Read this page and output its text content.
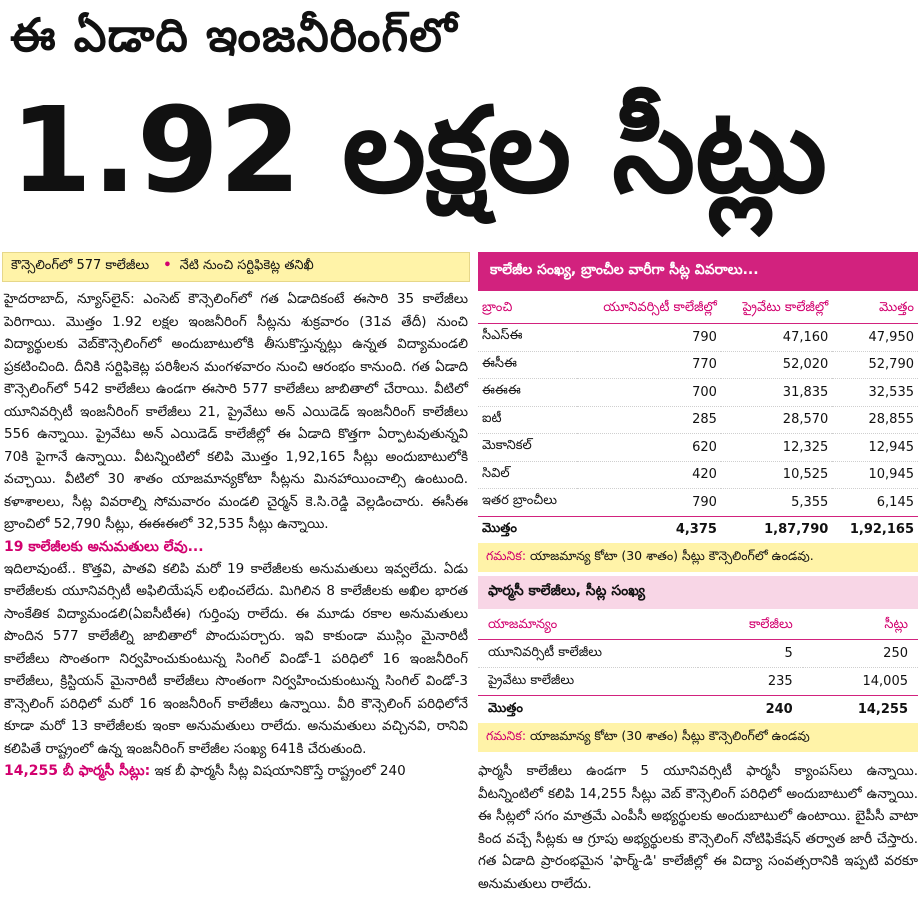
ఈ ఏడాది ఇంజనీరింగ్‌లో
1.92 లక్షల సీట్లు
కౌన్సెలింగ్‌లో 577 కాలేజీలు • నేటి నుంచి సర్టిఫికెట్ల తనిఖీ

హైదరాబాద్, న్యూస్‌లైన్: ఎంసెట్ కౌన్సెలింగ్‌లో గత ఏడాదికంటే ఈసారి 35 కాలేజీలు పెరిగాయి. మొత్తం 1.92 లక్షల ఇంజనీరింగ్ సీట్లను శుక్రవారం (31వ తేదీ) నుంచి విద్యార్థులకు వెబ్‌కౌన్సెలింగ్‌లో అందుబాటులోకి తీసుకొస్తున్నట్లు ఉన్నత విద్యామండలి ప్రకటించింది. దీనికి సర్టిఫికెట్ల పరిశీలన మంగళవారం నుంచి ఆరంభం కానుంది. గత ఏడాది కౌన్సెలింగ్‌లో 542 కాలేజీలు ఉండగా ఈసారి 577 కాలేజీలు జాబితాలో చేరాయి. వీటిలో యూనివర్సిటీ ఇంజనీరింగ్ కాలేజీలు 21, ప్రైవేటు అన్ ఎయిడెడ్ ఇంజనీరింగ్ కాలేజీలు 556 ఉన్నాయి. ప్రైవేటు అన్ ఎయిడెడ్ కాలేజీల్లో ఈ ఏడాది కొత్తగా ఏర్పాటవుతున్నవి 70కి పైగానే ఉన్నాయి. వీటన్నింటిలో కలిపి మొత్తం 1,92,165 సీట్లు అందుబాటులోకి వచ్చాయి. వీటిలో 30 శాతం యాజమాన్యకోటా సీట్లను మినహాయించాల్సి ఉంటుంది. కళాశాలలు, సీట్ల వివరాల్ని సోమవారం మండలి చైర్మన్ కె.సి.రెడ్డి వెల్లడించారు. ఈసీఈ బ్రాంచిలో 52,790 సీట్లు, ఈఈఈలో 32,535 సీట్లు ఉన్నాయి.

19 కాలేజీలకు అనుమతులు లేవు...

ఇదిలావుంటే.. కొత్తవి, పాతవి కలిపి మరో 19 కాలేజీలకు అనుమతులు ఇవ్వలేదు. ఏడు కాలేజీలకు యూనివర్సిటీ అఫిలియేషన్ లభించలేదు. మిగిలిన 8 కాలేజీలకు అఖిల భారత సాంకేతిక విద్యామండలి(ఏఐసీటీఈ) గుర్తింపు రాలేదు. ఈ మూడు రకాల అనుమతులు పొందిన 577 కాలేజీల్ని జాబితాలో పొందుపర్చారు. ఇవి కాకుండా ముస్లిం మైనారిటీ కాలేజీలు సొంతంగా నిర్వహించుకుంటున్న సింగిల్ విండో-1 పరిధిలో 16 ఇంజనీరింగ్ కాలేజీలు, క్రిస్టియన్ మైనారిటీ కాలేజీలు సొంతంగా నిర్వహించుకుంటున్న సింగిల్ విండో-3 కౌన్సెలింగ్ పరిధిలో మరో 16 ఇంజనీరింగ్ కాలేజీలు ఉన్నాయి. వీరి కౌన్సెలింగ్ పరిధిలోనే కూడా మరో 13 కాలేజీలకు ఇంకా అనుమతులు రాలేదు. అనుమతులు వచ్చినవి, రానివి కలిపితే రాష్ట్రంలో ఉన్న ఇంజనీరింగ్ కాలేజీల సంఖ్య 641కి చేరుతుంది.

14,255 బీ ఫార్మసీ సీట్లు: ఇక బీ ఫార్మసీ సీట్ల విషయానికొస్తే రాష్ట్రంలో 240

కాలేజీల సంఖ్య, బ్రాంచీల వారీగా సీట్ల వివరాలు...
బ్రాంచి	యూనివర్సిటీ కాలేజీల్లో	ప్రైవేటు కాలేజీల్లో	మొత్తం
సీఎస్ఈ	790	47,160	47,950
ఈసీఈ	770	52,020	52,790
ఈఈఈ	700	31,835	32,535
ఐటీ	285	28,570	28,855
మెకానికల్	620	12,325	12,945
సివిల్	420	10,525	10,945
ఇతర బ్రాంచీలు	790	5,355	6,145
మొత్తం	4,375	1,87,790	1,92,165
గమనిక: యాజమాన్య కోటా (30 శాతం) సీట్లు కౌన్సెలింగ్‌లో ఉండవు.
ఫార్మసీ కాలేజీలు, సీట్ల సంఖ్య
యాజమాన్యం	కాలేజీలు	సీట్లు
యూనివర్సిటీ కాలేజీలు	5	250
ప్రైవేటు కాలేజీలు	235	14,005
మొత్తం	240	14,255
గమనిక: యాజమాన్య కోటా (30 శాతం) సీట్లు కౌన్సెలింగ్‌లో ఉండవు

ఫార్మసీ కాలేజీలు ఉండగా 5 యూనివర్సిటీ ఫార్మసీ క్యాంపస్‌లు ఉన్నాయి. వీటన్నింటిలో కలిపి 14,255 సీట్లు వెబ్ కౌన్సెలింగ్ పరిధిలో అందుబాటులో ఉన్నాయి. ఈ సీట్లలో సగం మాత్రమే ఎంపీసీ అభ్యర్థులకు అందుబాటులో ఉంటాయి. బైపీసీ వాటా కింద వచ్చే సీట్లకు ఆ గ్రూపు అభ్యర్థులకు కౌన్సెలింగ్ నోటిఫికేషన్ తర్వాత జారీ చేస్తారు. గత ఏడాది ప్రారంభమైన 'ఫార్మ్-డి' కాలేజీల్లో ఈ విద్యా సంవత్సరానికి ఇప్పటి వరకూ అనుమతులు రాలేదు.
